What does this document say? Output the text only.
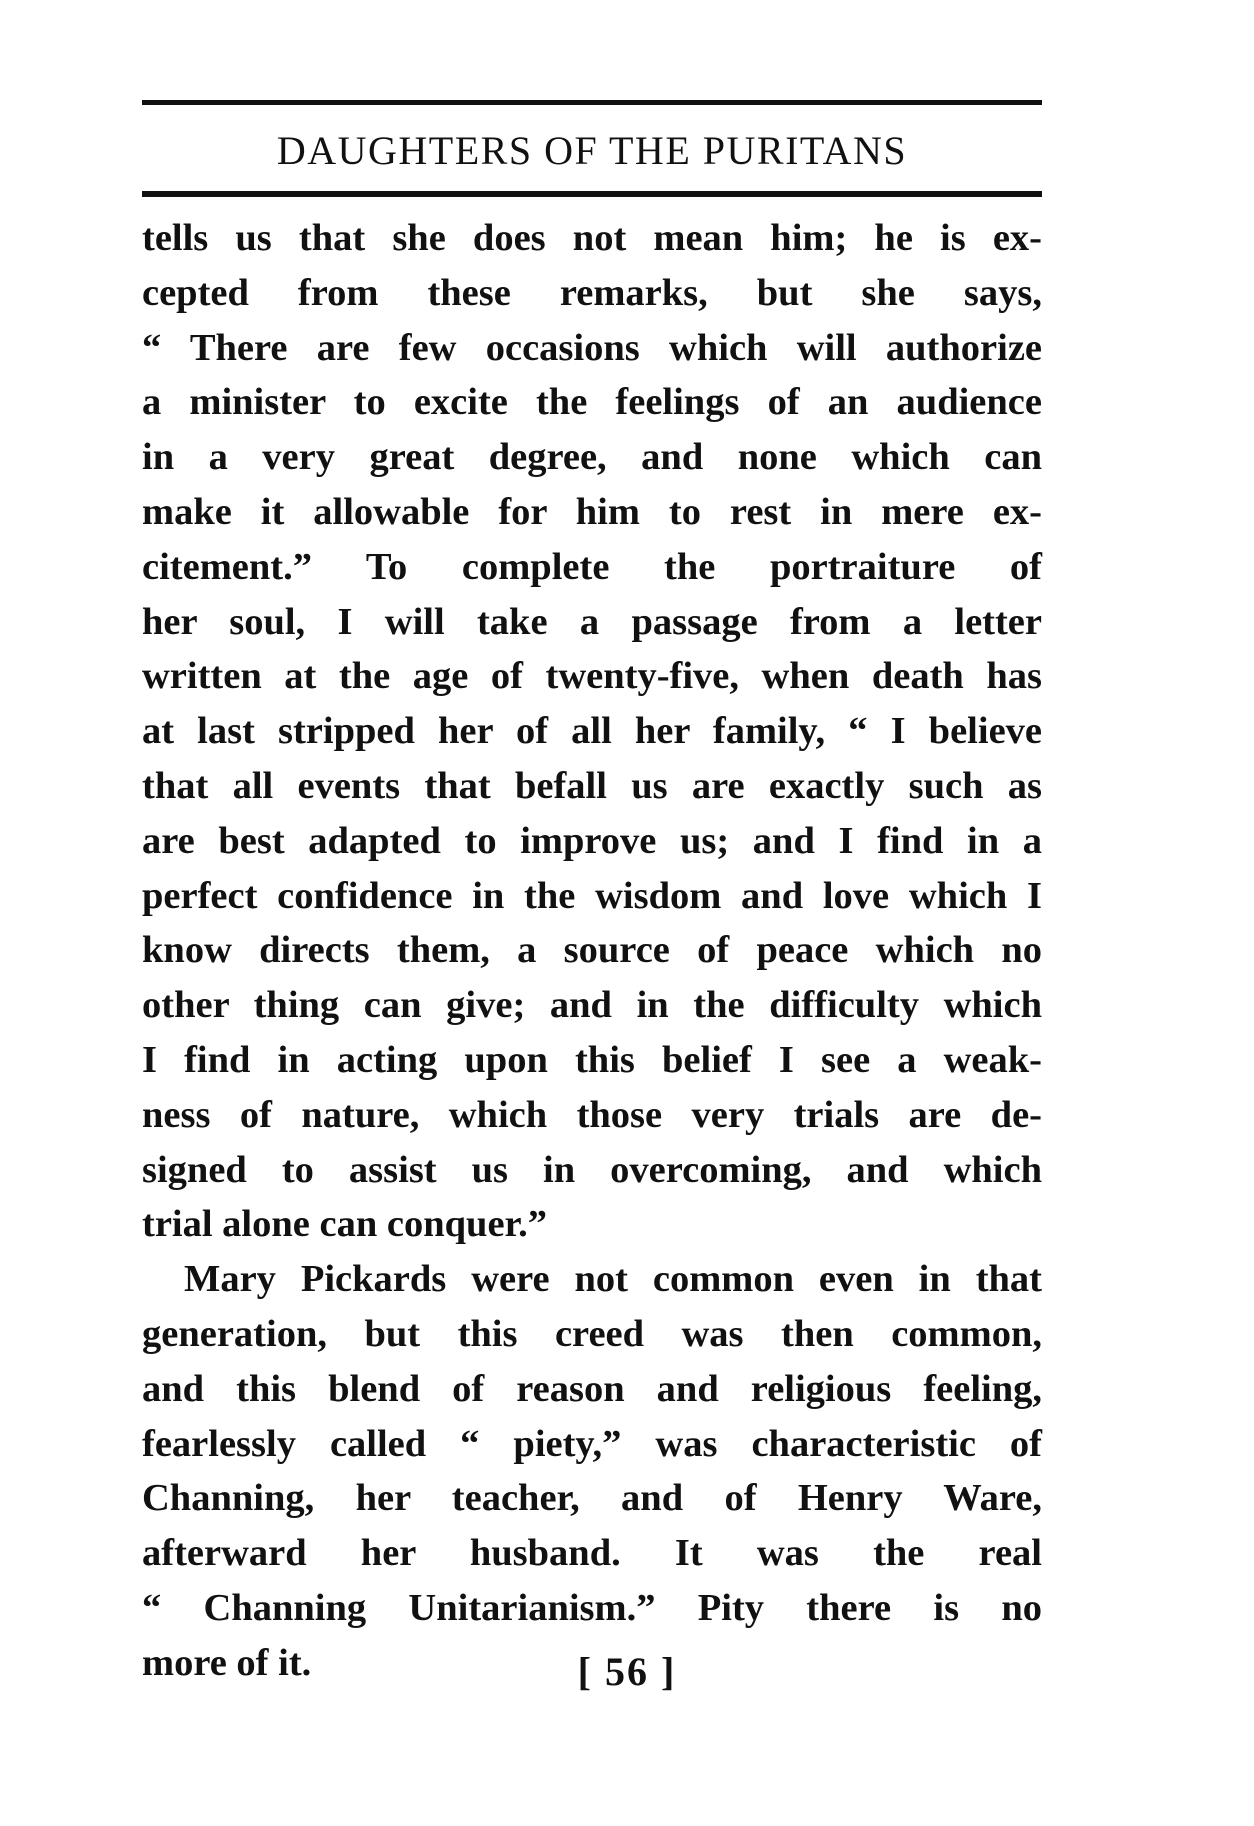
DAUGHTERS OF THE PURITANS

tells us that she does not mean him; he is ex-
cepted from these remarks, but she says,
“ There are few occasions which will authorize
a minister to excite the feelings of an audience
in a very great degree, and none which can
make it allowable for him to rest in mere ex-
citement.” To complete the portraiture of
her soul, I will take a passage from a letter
written at the age of twenty-five, when death has
at last stripped her of all her family, “ I believe
that all events that befall us are exactly such as
are best adapted to improve us; and I find in a
perfect confidence in the wisdom and love which I
know directs them, a source of peace which no
other thing can give; and in the difficulty which
I find in acting upon this belief I see a weak-
ness of nature, which those very trials are de-
signed to assist us in overcoming, and which
trial alone can conquer.”

Mary Pickards were not common even in that
generation, but this creed was then common,
and this blend of reason and religious feeling,
fearlessly called “ piety,” was characteristic of
Channing, her teacher, and of Henry Ware,
afterward her husband. It was the real
“ Channing Unitarianism.” Pity there is no
more of it.	[ 56 ]
